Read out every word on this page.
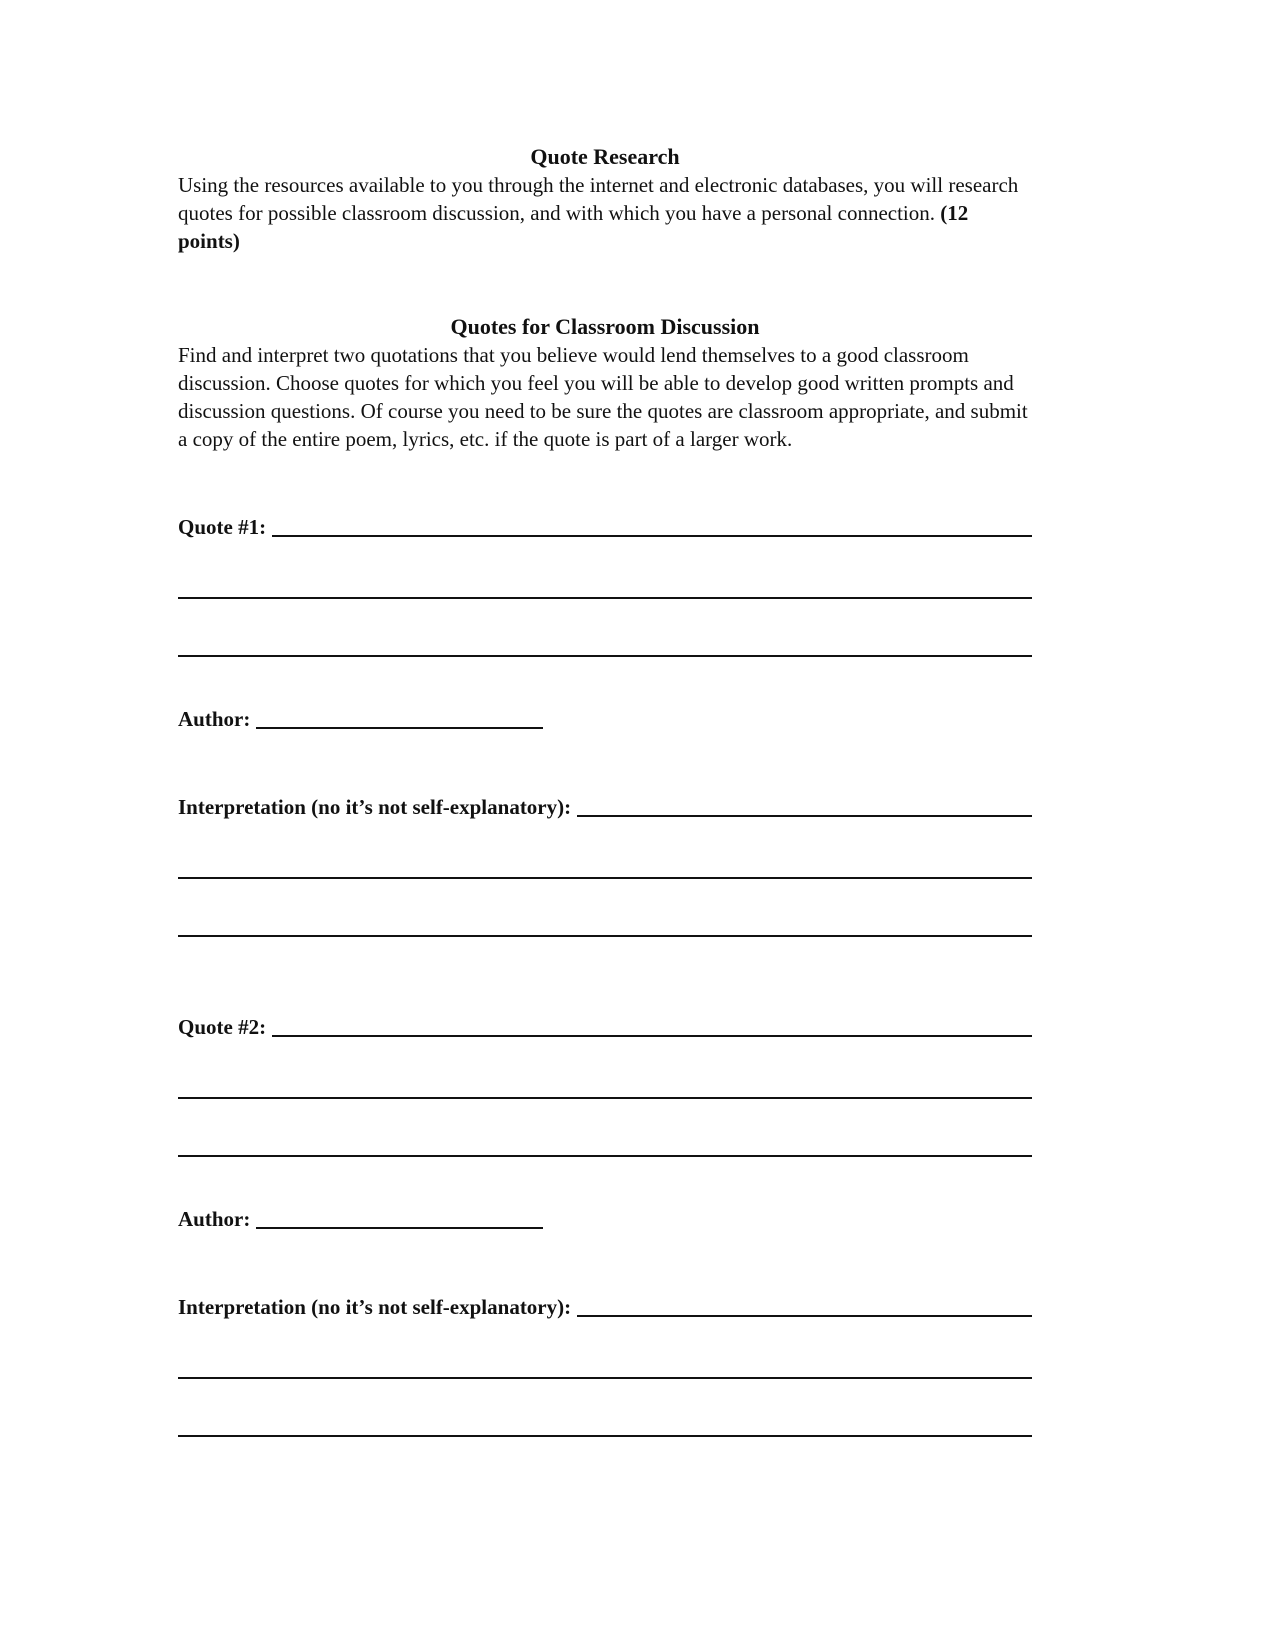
Quote Research

Using the resources available to you through the internet and electronic databases, you will research quotes for possible classroom discussion, and with which you have a personal connection. (12 points)

Quotes for Classroom Discussion

Find and interpret two quotations that you believe would lend themselves to a good classroom discussion. Choose quotes for which you feel you will be able to develop good written prompts and discussion questions. Of course you need to be sure the quotes are classroom appropriate, and submit a copy of the entire poem, lyrics, etc. if the quote is part of a larger work.

Quote #1:
Author:
Interpretation (no it’s not self-explanatory):
Quote #2:
Author:
Interpretation (no it’s not self-explanatory):
